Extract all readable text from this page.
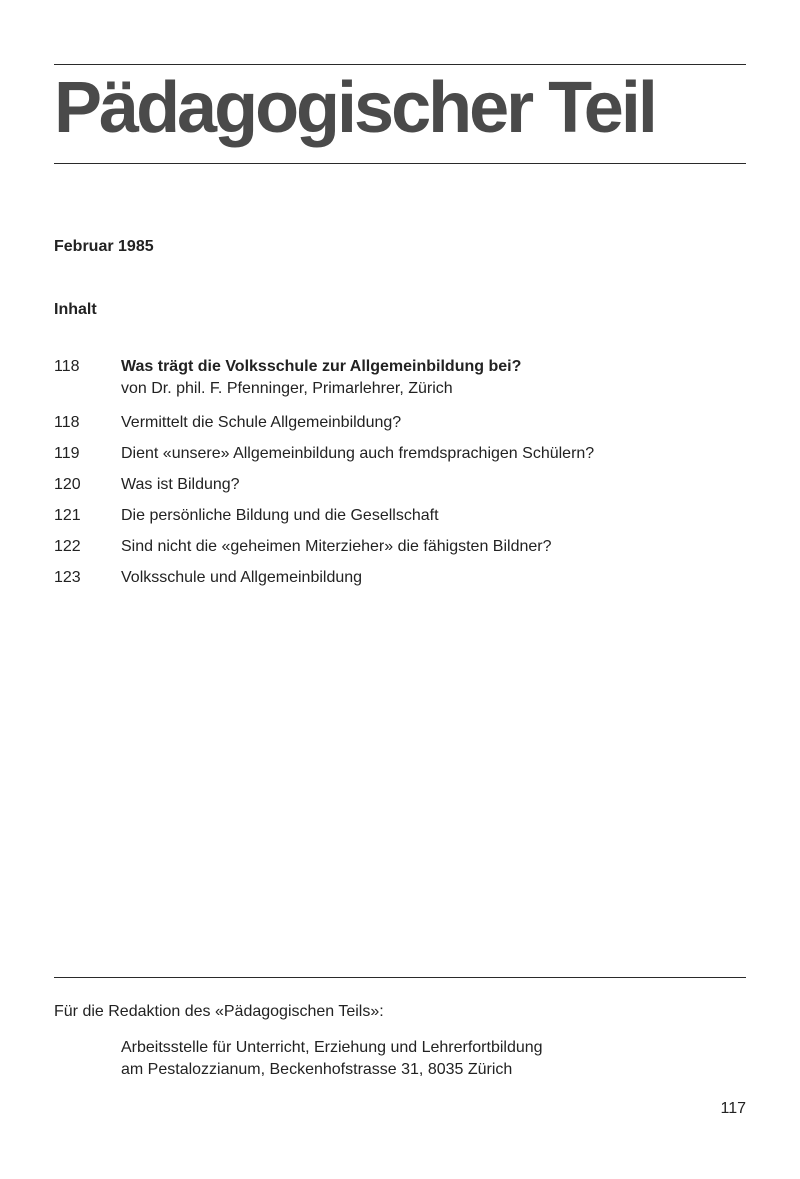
Pädagogischer Teil
Februar 1985
Inhalt
118	Was trägt die Volksschule zur Allgemeinbildung bei?
von Dr. phil. F. Pfenninger, Primarlehrer, Zürich
118	Vermittelt die Schule Allgemeinbildung?
119	Dient «unsere» Allgemeinbildung auch fremdsprachigen Schülern?
120	Was ist Bildung?
121	Die persönliche Bildung und die Gesellschaft
122	Sind nicht die «geheimen Miterzieher» die fähigsten Bildner?
123	Volksschule und Allgemeinbildung
Für die Redaktion des «Pädagogischen Teils»:
Arbeitsstelle für Unterricht, Erziehung und Lehrerfortbildung
am Pestalozzianum, Beckenhofstrasse 31, 8035 Zürich
117
